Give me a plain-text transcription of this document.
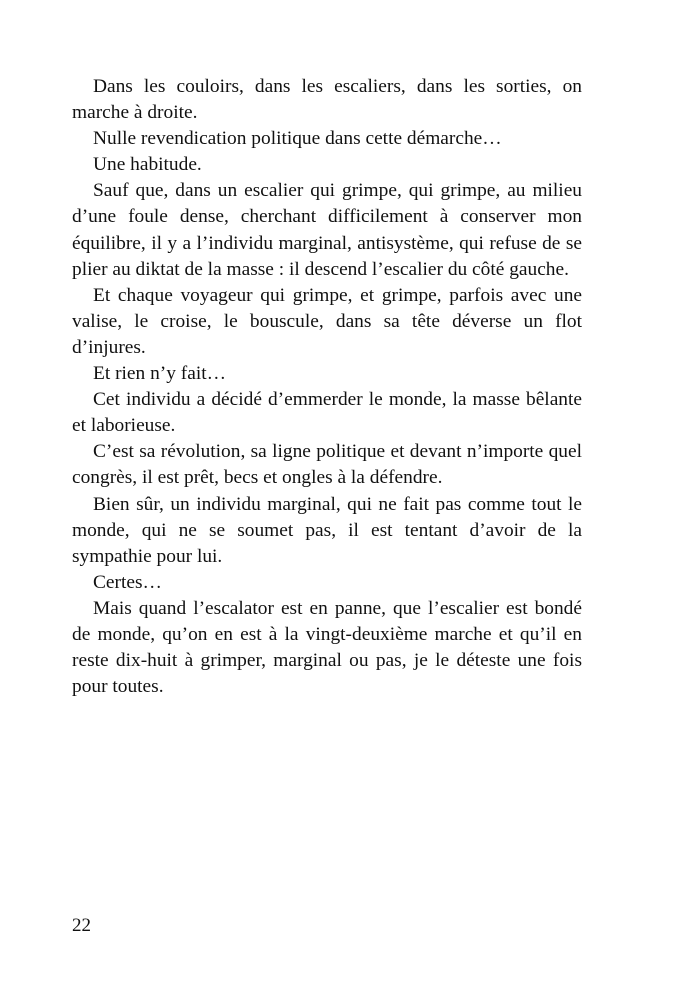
Dans les couloirs, dans les escaliers, dans les sorties, on marche à droite.

Nulle revendication politique dans cette démarche…

Une habitude.

Sauf que, dans un escalier qui grimpe, qui grimpe, au milieu d’une foule dense, cherchant difficilement à conserver mon équilibre, il y a l’individu marginal, antisystème, qui refuse de se plier au diktat de la masse : il descend l’escalier du côté gauche.

Et chaque voyageur qui grimpe, et grimpe, parfois avec une valise, le croise, le bouscule, dans sa tête déverse un flot d’injures.

Et rien n’y fait…

Cet individu a décidé d’emmerder le monde, la masse bêlante et laborieuse.

C’est sa révolution, sa ligne politique et devant n’importe quel congrès, il est prêt, becs et ongles à la défendre.

Bien sûr, un individu marginal, qui ne fait pas comme tout le monde, qui ne se soumet pas, il est tentant d’avoir de la sympathie pour lui.

Certes…

Mais quand l’escalator est en panne, que l’escalier est bondé de monde, qu’on en est à la vingt-deuxième marche et qu’il en reste dix-huit à grimper, marginal ou pas, je le déteste une fois pour toutes.

22
